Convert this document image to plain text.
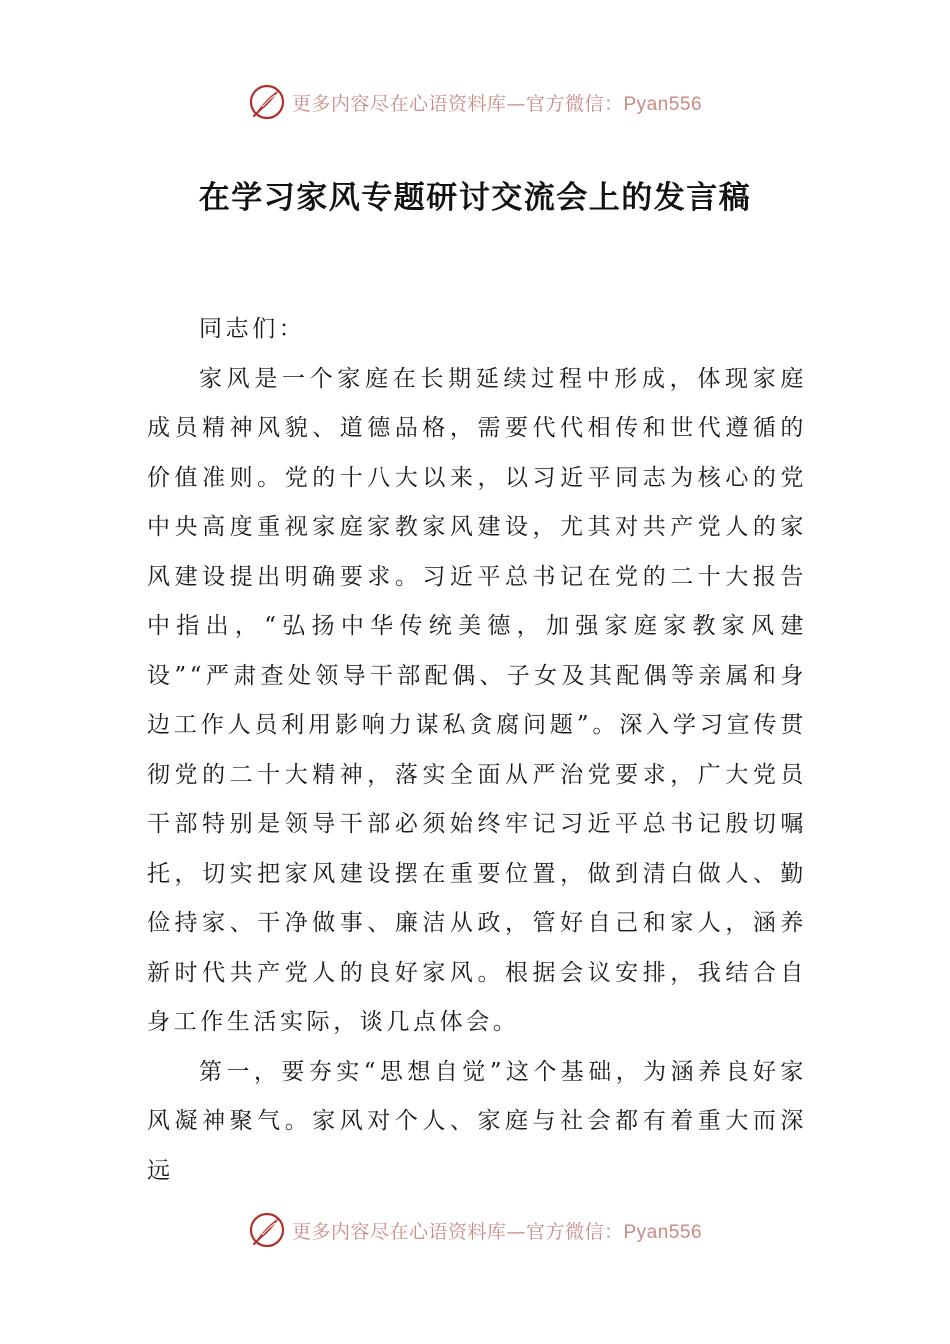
更多内容尽在心语资料库—官方微信：Pyan556
在学习家风专题研讨交流会上的发言稿

同志们：

家风是一个家庭在长期延续过程中形成，体现家庭成员精神风貌、道德品格，需要代代相传和世代遵循的价值准则。党的十八大以来，以习近平同志为核心的党中央高度重视家庭家教家风建设，尤其对共产党人的家风建设提出明确要求。习近平总书记在党的二十大报告中指出，“弘扬中华传统美德，加强家庭家教家风建设”“严肃查处领导干部配偶、子女及其配偶等亲属和身边工作人员利用影响力谋私贪腐问题”。深入学习宣传贯彻党的二十大精神，落实全面从严治党要求，广大党员干部特别是领导干部必须始终牢记习近平总书记殷切嘱托，切实把家风建设摆在重要位置，做到清白做人、勤俭持家、干净做事、廉洁从政，管好自己和家人，涵养新时代共产党人的良好家风。根据会议安排，我结合自身工作生活实际，谈几点体会。

第一，要夯实“思想自觉”这个基础，为涵养良好家风凝神聚气。家风对个人、家庭与社会都有着重大而深远

更多内容尽在心语资料库—官方微信：Pyan556
